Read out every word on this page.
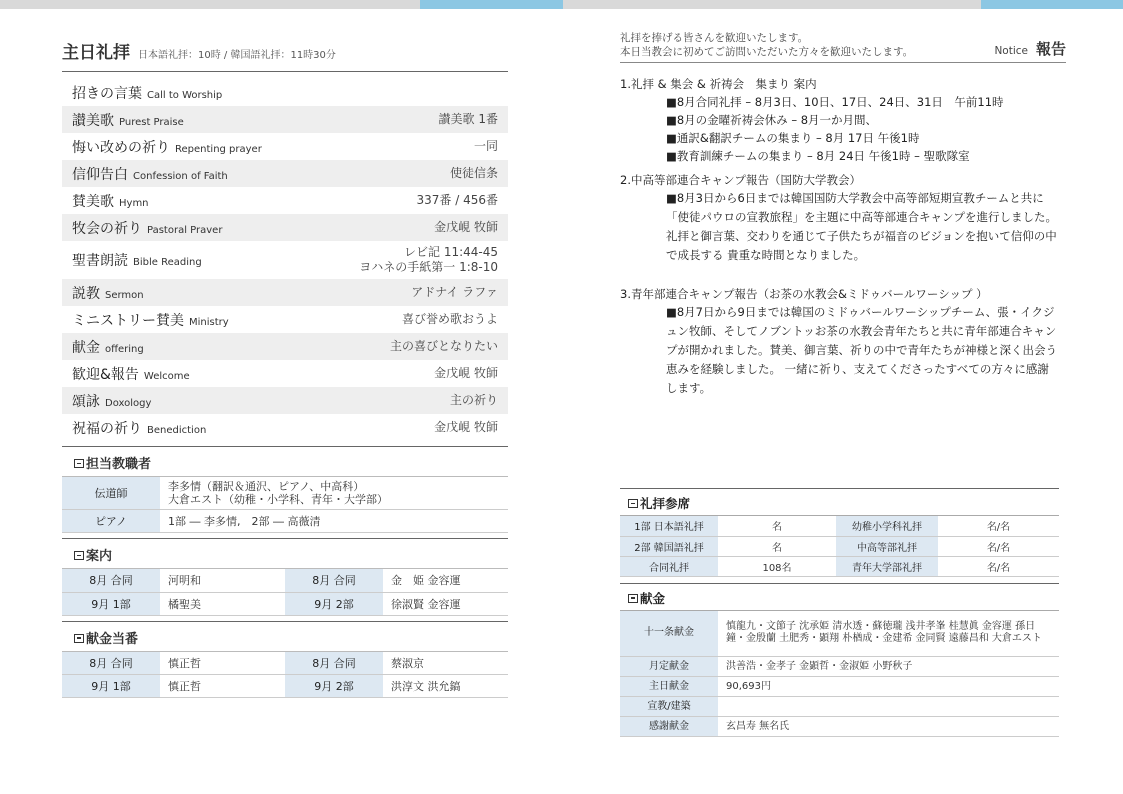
主日礼拝 日本語礼拝：10時 / 韓国語礼拝：11時30分
招きの言葉 Call to Worship
讃美歌 Purest Praise	讃美歌 1番
悔い改めの祈り Repenting prayer	一同
信仰告白 Confession of Faith	使徒信条
賛美歌 Hymn	337番 / 456番
牧会の祈り Pastoral Praver	金戊峴 牧師
聖書朗読 Bible Reading
レビ記 11:44-45
ヨハネの手紙第一 1:8-10
説教 Sermon	アドナイ ラファ
ミニストリー賛美 Ministry	喜び誉め歌おうよ
献金 offering	主の喜びとなりたい
歓迎&報告 Welcome	金戊峴 牧師
頌詠 Doxology	主の祈り
祝福の祈り Benediction	金戊峴 牧師
担当教職者
伝道師	李多情（翻訳＆通沢、ピアノ、中高科）
大倉エスト（幼稚・小学科、青年・大学部）

ピアノ	1部 ― 李多情,　2部 ― 高薇清
案内
8月 合同	河明和	8月 合同	金　姫 金容運
9月 1部	橘聖美	9月 2部	徐淑賢 金容運
献金当番
8月 合同	慎正哲	8月 合同	蔡淑京
9月 1部	慎正哲	9月 2部	洪淳文 洪允鎬
礼拝を捧げる皆さんを歓迎いたします。
本日当教会に初めてご訪問いただいた方々を歓迎いたします。	Notice 報告
1.礼拝 & 集会 & 祈祷会　集まり 案内
■8月合同礼拝 – 8月3日、10日、17日、24日、31日　午前11時
■8月の金曜祈祷会休み – 8月一か月間、
■通訳&翻訳チームの集まり – 8月 17日 午後1時
■教育訓練チームの集まり – 8月 24日 午後1時 – 聖歌隊室
2.中高等部連合キャンプ報告（国防大学教会）
■8月3日から6日までは韓国国防大学教会中高等部短期宣教チームと共に「使徒パウロの宣教旅程」を主題に中高等部連合キャンプを進行しました。礼拝と御言葉、交わりを通じて子供たちが福音のビジョンを抱いて信仰の中で成長する 貴重な時間となりました。
3.青年部連合キャンプ報告（お茶の水教会&ミドゥバールワーシップ ）
■8月7日から9日までは韓国のミドゥバールワーシップチーム、張・イクジュン牧師、そしてノブントッお茶の水教会青年たちと共に青年部連合キャンプが開かれました。賛美、御言葉、祈りの中で青年たちが神様と深く出会う恵みを経験しました。 一緒に祈り、支えてくださったすべての方々に感謝します。
礼拝参席
1部 日本語礼拝	名	幼稚小学科礼拝	名/名
2部 韓国語礼拝	名	中高等部礼拝	名/名
合同礼拝	108名	青年大学部礼拝	名/名
献金
十一条献金	慎龍九・文節子 沈承姫 清水透・蘇徳瓏 浅井孝峯 桂慧眞 金容運 孫日鐘・金殷蘭 土肥秀・顕翔 朴楢成・金建希 金同賢 遠藤昌和 大倉エスト
月定献金	洪善浩・金孝子 金顕哲・金淑姫 小野秋子
主日献金	90,693円
宣教/建築	
感謝献金	玄昌寿 無名氏
